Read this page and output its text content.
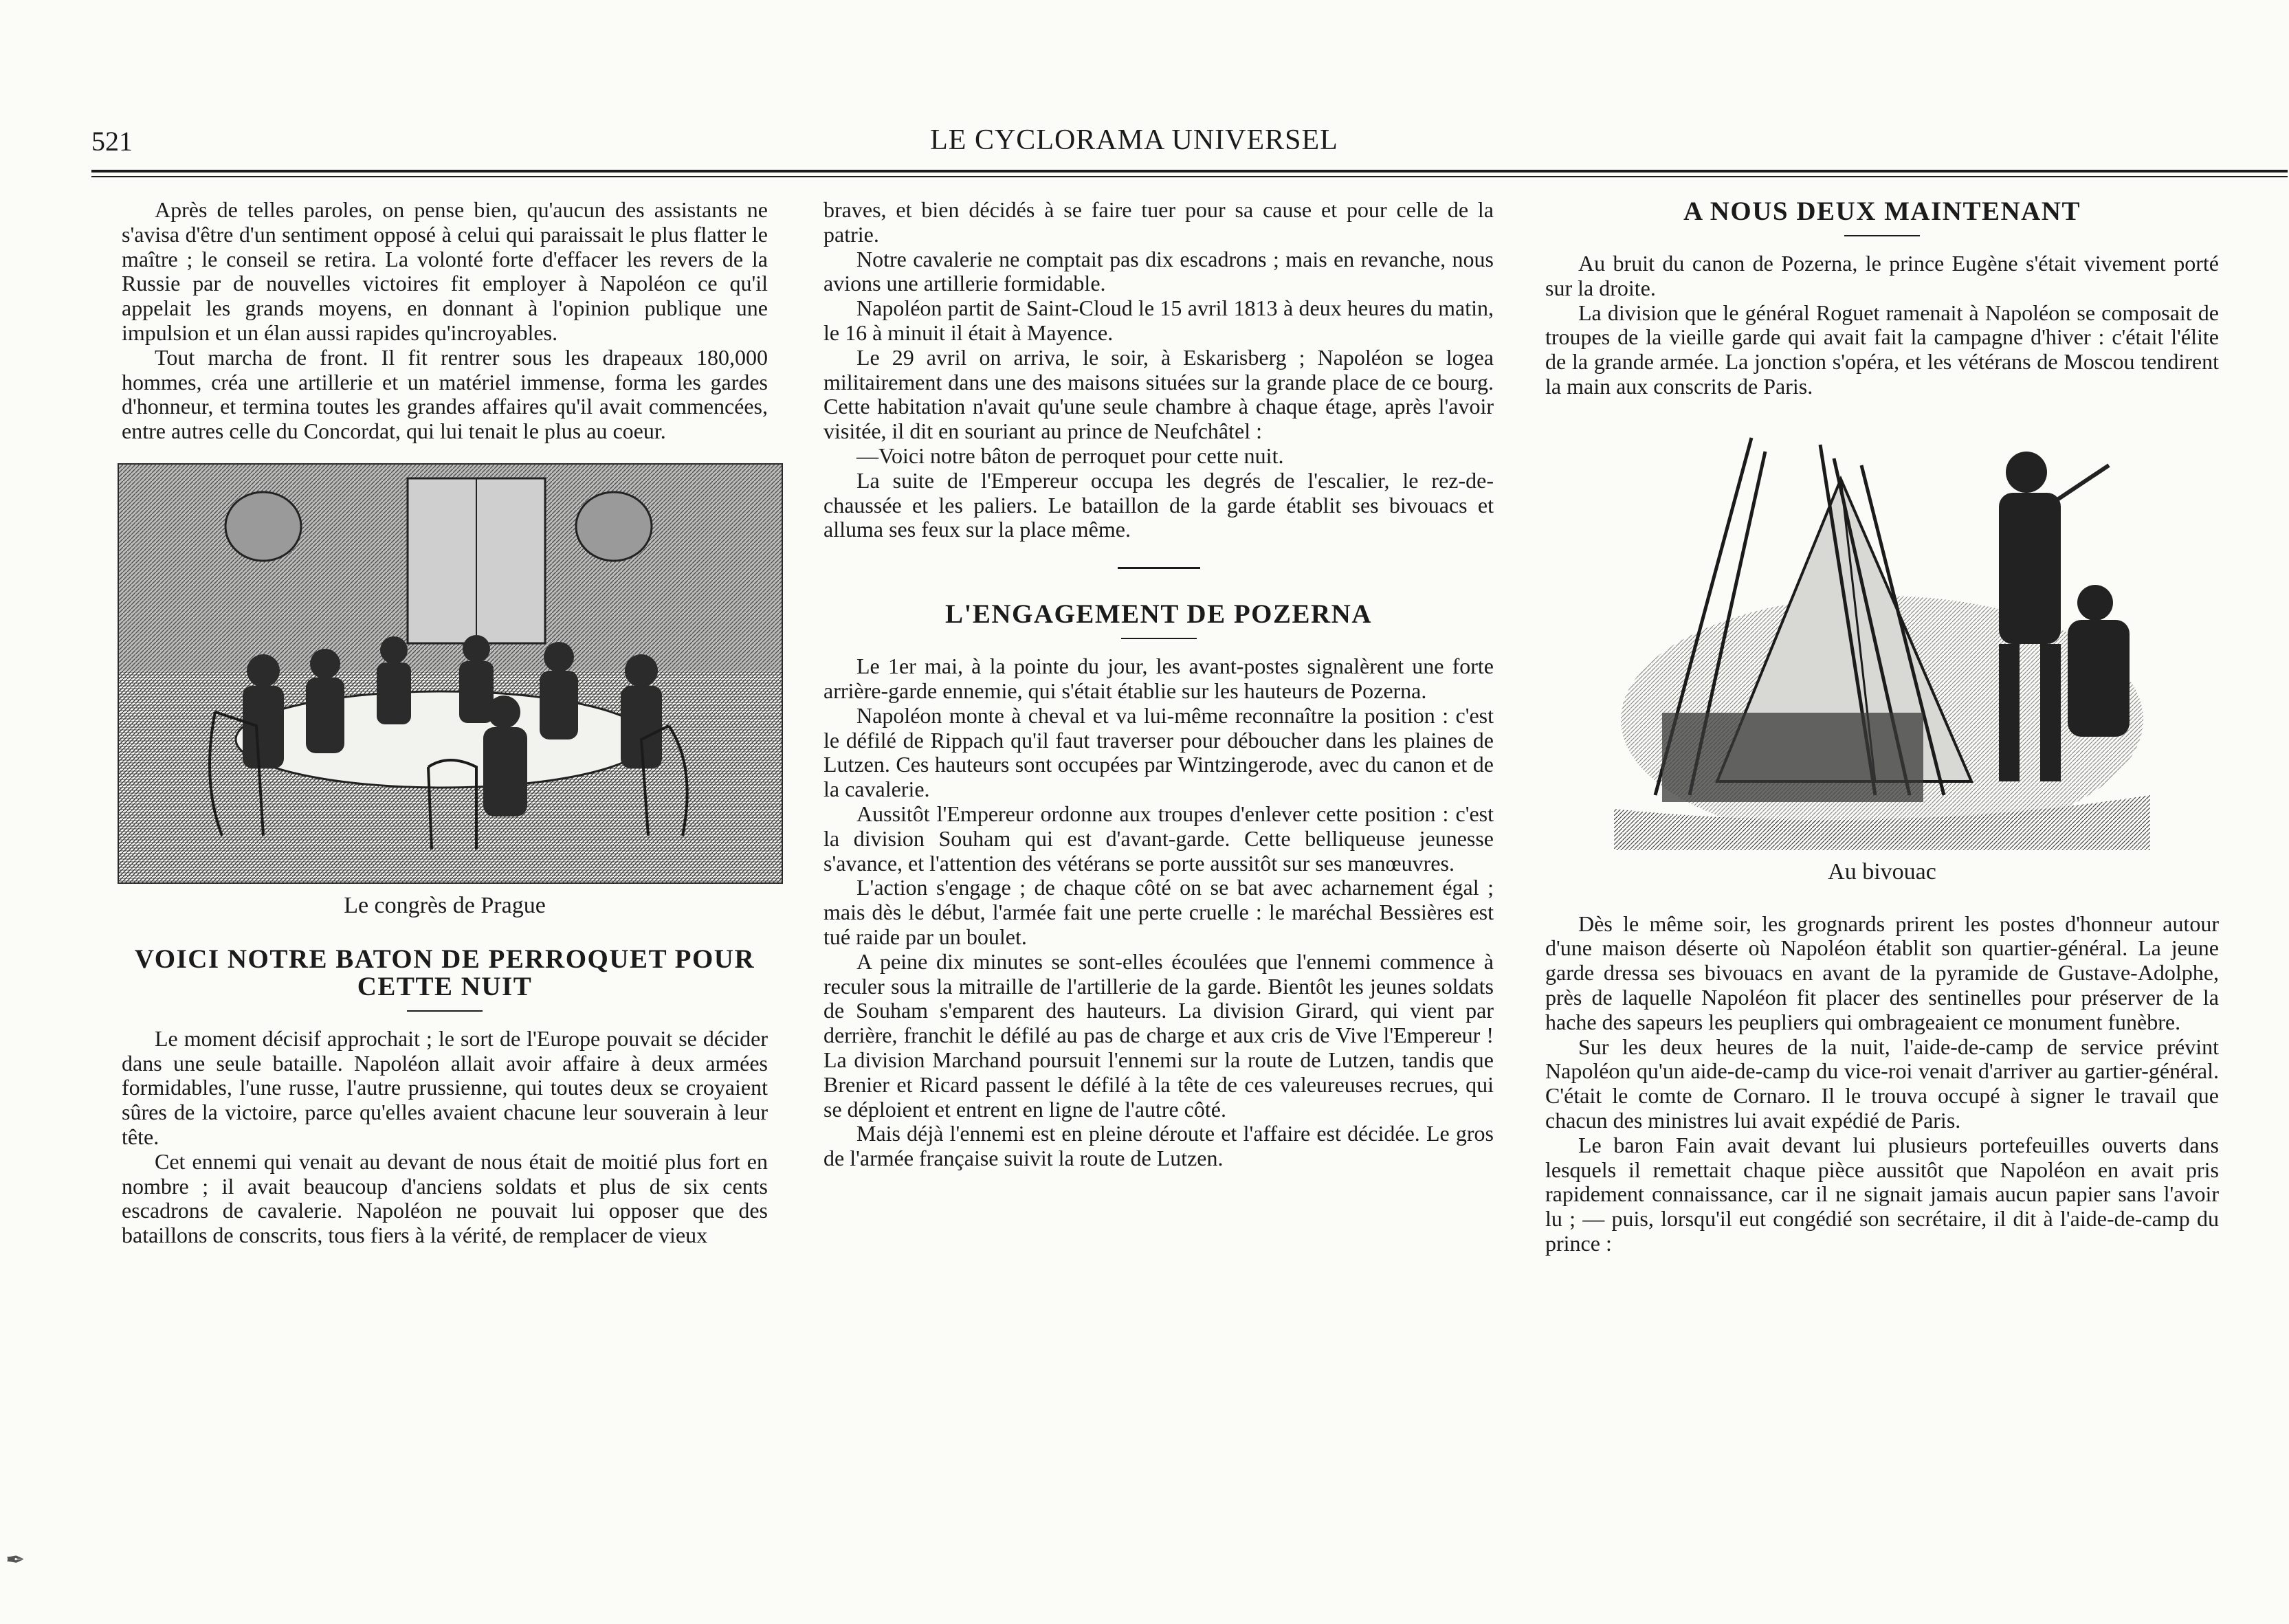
521	LE CYCLORAMA UNIVERSEL

Après de telles paroles, on pense bien, qu'aucun des assistants ne s'avisa d'être d'un sentiment opposé à celui qui paraissait le plus flatter le maître ; le conseil se retira. La volonté forte d'effacer les revers de la Russie par de nouvelles victoires fit employer à Napoléon ce qu'il appelait les grands moyens, en donnant à l'opinion publique une impulsion et un élan aussi rapides qu'incroyables.

Tout marcha de front. Il fit rentrer sous les drapeaux 180,000 hommes, créa une artillerie et un matériel immense, forma les gardes d'honneur, et termina toutes les grandes affaires qu'il avait commencées, entre autres celle du Concordat, qui lui tenait le plus au coeur.

Le congrès de Prague
VOICI NOTRE BATON DE PERROQUET POUR CETTE NUIT

Le moment décisif approchait ; le sort de l'Europe pouvait se décider dans une seule bataille. Napoléon allait avoir affaire à deux armées formidables, l'une russe, l'autre prussienne, qui toutes deux se croyaient sûres de la victoire, parce qu'elles avaient chacune leur souverain à leur tête.

Cet ennemi qui venait au devant de nous était de moitié plus fort en nombre ; il avait beaucoup d'anciens soldats et plus de six cents escadrons de cavalerie. Napoléon ne pouvait lui opposer que des bataillons de conscrits, tous fiers à la vérité, de remplacer de vieux

braves, et bien décidés à se faire tuer pour sa cause et pour celle de la patrie.

Notre cavalerie ne comptait pas dix escadrons ; mais en revanche, nous avions une artillerie formidable.

Napoléon partit de Saint-Cloud le 15 avril 1813 à deux heures du matin, le 16 à minuit il était à Mayence.

Le 29 avril on arriva, le soir, à Eskarisberg ; Napoléon se logea militairement dans une des maisons situées sur la grande place de ce bourg. Cette habitation n'avait qu'une seule chambre à chaque étage, après l'avoir visitée, il dit en souriant au prince de Neufchâtel :

—Voici notre bâton de perroquet pour cette nuit.

La suite de l'Empereur occupa les degrés de l'escalier, le rez-de-chaussée et les paliers. Le bataillon de la garde établit ses bivouacs et alluma ses feux sur la place même.

L'ENGAGEMENT DE POZERNA

Le 1er mai, à la pointe du jour, les avant-postes signalèrent une forte arrière-garde ennemie, qui s'était établie sur les hauteurs de Pozerna.

Napoléon monte à cheval et va lui-même reconnaître la position : c'est le défilé de Rippach qu'il faut traverser pour déboucher dans les plaines de Lutzen. Ces hauteurs sont occupées par Wintzingerode, avec du canon et de la cavalerie.

Aussitôt l'Empereur ordonne aux troupes d'enlever cette position : c'est la division Souham qui est d'avant-garde. Cette belliqueuse jeunesse s'avance, et l'attention des vétérans se porte aussitôt sur ses manœuvres.

L'action s'engage ; de chaque côté on se bat avec acharnement égal ; mais dès le début, l'armée fait une perte cruelle : le maréchal Bessières est tué raide par un boulet.

A peine dix minutes se sont-elles écoulées que l'ennemi commence à reculer sous la mitraille de l'artillerie de la garde. Bientôt les jeunes soldats de Souham s'emparent des hauteurs. La division Girard, qui vient par derrière, franchit le défilé au pas de charge et aux cris de Vive l'Empereur ! La division Marchand poursuit l'ennemi sur la route de Lutzen, tandis que Brenier et Ricard passent le défilé à la tête de ces valeureuses recrues, qui se déploient et entrent en ligne de l'autre côté.

Mais déjà l'ennemi est en pleine déroute et l'affaire est décidée. Le gros de l'armée française suivit la route de Lutzen.

A NOUS DEUX MAINTENANT

Au bruit du canon de Pozerna, le prince Eugène s'était vivement porté sur la droite.

La division que le général Roguet ramenait à Napoléon se composait de troupes de la vieille garde qui avait fait la campagne d'hiver : c'était l'élite de la grande armée. La jonction s'opéra, et les vétérans de Moscou tendirent la main aux conscrits de Paris.

Au bivouac

Dès le même soir, les grognards prirent les postes d'honneur autour d'une maison déserte où Napoléon établit son quartier-général. La jeune garde dressa ses bivouacs en avant de la pyramide de Gustave-Adolphe, près de laquelle Napoléon fit placer des sentinelles pour préserver de la hache des sapeurs les peupliers qui ombrageaient ce monument funèbre.

Sur les deux heures de la nuit, l'aide-de-camp de service prévint Napoléon qu'un aide-de-camp du vice-roi venait d'arriver au gartier-général. C'était le comte de Cornaro. Il le trouva occupé à signer le travail que chacun des ministres lui avait expédié de Paris.

Le baron Fain avait devant lui plusieurs portefeuilles ouverts dans lesquels il remettait chaque pièce aussitôt que Napoléon en avait pris rapidement connaissance, car il ne signait jamais aucun papier sans l'avoir lu ; — puis, lorsqu'il eut congédié son secrétaire, il dit à l'aide-de-camp du prince :

✒
